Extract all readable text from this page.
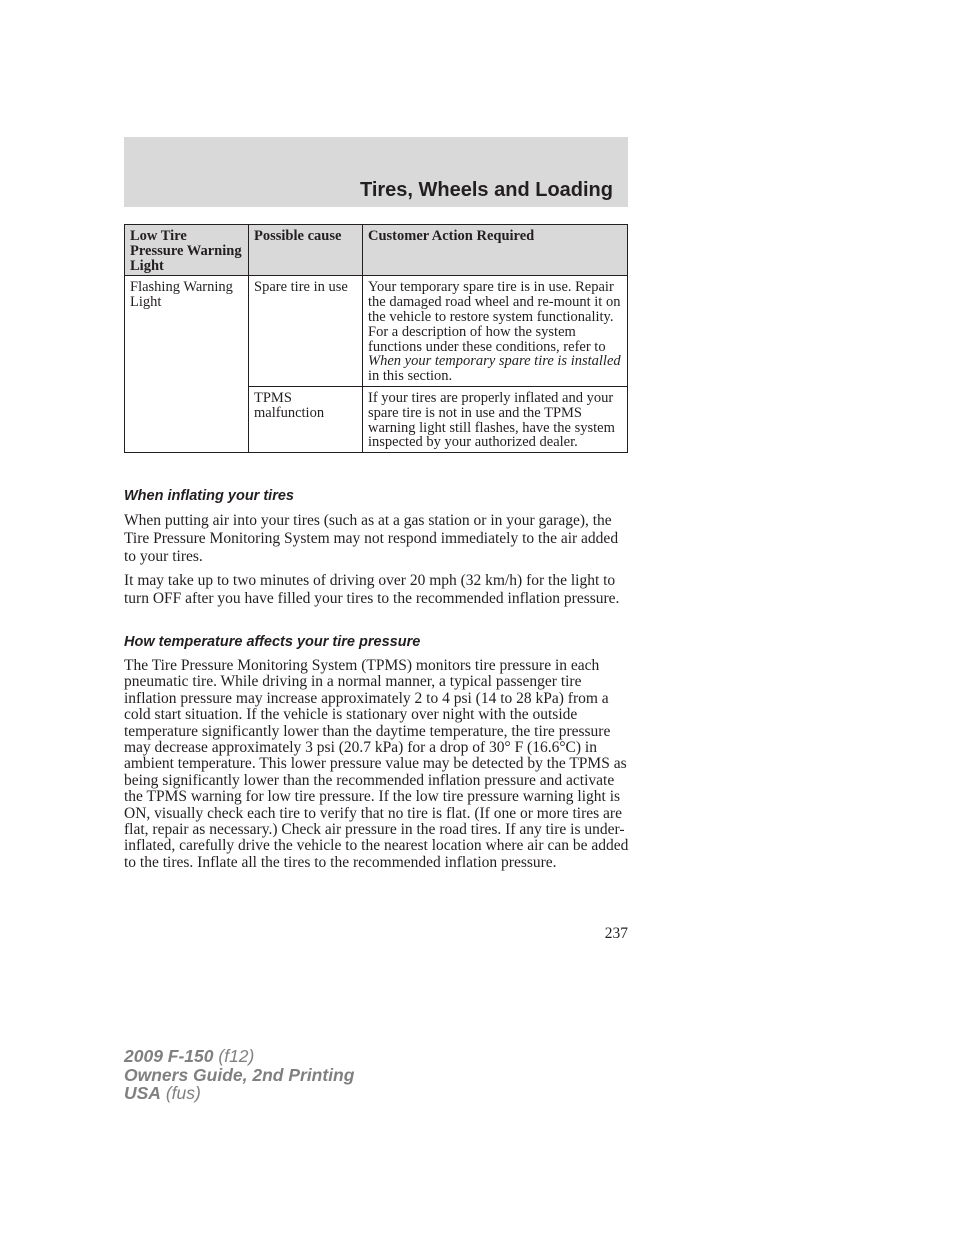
Tires, Wheels and Loading
Low Tire Pressure Warning Light	Possible cause	Customer Action Required
Flashing Warning Light	Spare tire in use	Your temporary spare tire is in use. Repair the damaged road wheel and re-mount it on the vehicle to restore system functionality. For a description of how the system functions under these conditions, refer to When your temporary spare tire is installed in this section.
	TPMS malfunction	If your tires are properly inflated and your spare tire is not in use and the TPMS warning light still flashes, have the system inspected by your authorized dealer.
When inflating your tires

When putting air into your tires (such as at a gas station or in your garage), the Tire Pressure Monitoring System may not respond immediately to the air added to your tires.

It may take up to two minutes of driving over 20 mph (32 km/h) for the light to turn OFF after you have filled your tires to the recommended inflation pressure.

How temperature affects your tire pressure

The Tire Pressure Monitoring System (TPMS) monitors tire pressure in each pneumatic tire. While driving in a normal manner, a typical passenger tire inflation pressure may increase approximately 2 to 4 psi (14 to 28 kPa) from a cold start situation. If the vehicle is stationary over night with the outside temperature significantly lower than the daytime temperature, the tire pressure may decrease approximately 3 psi (20.7 kPa) for a drop of 30° F (16.6°C) in ambient temperature. This lower pressure value may be detected by the TPMS as being significantly lower than the recommended inflation pressure and activate the TPMS warning for low tire pressure. If the low tire pressure warning light is ON, visually check each tire to verify that no tire is flat. (If one or more tires are flat, repair as necessary.) Check air pressure in the road tires. If any tire is under-inflated, carefully drive the vehicle to the nearest location where air can be added to the tires. Inflate all the tires to the recommended inflation pressure.

237
2009 F-150 (f12)
Owners Guide, 2nd Printing
USA (fus)
